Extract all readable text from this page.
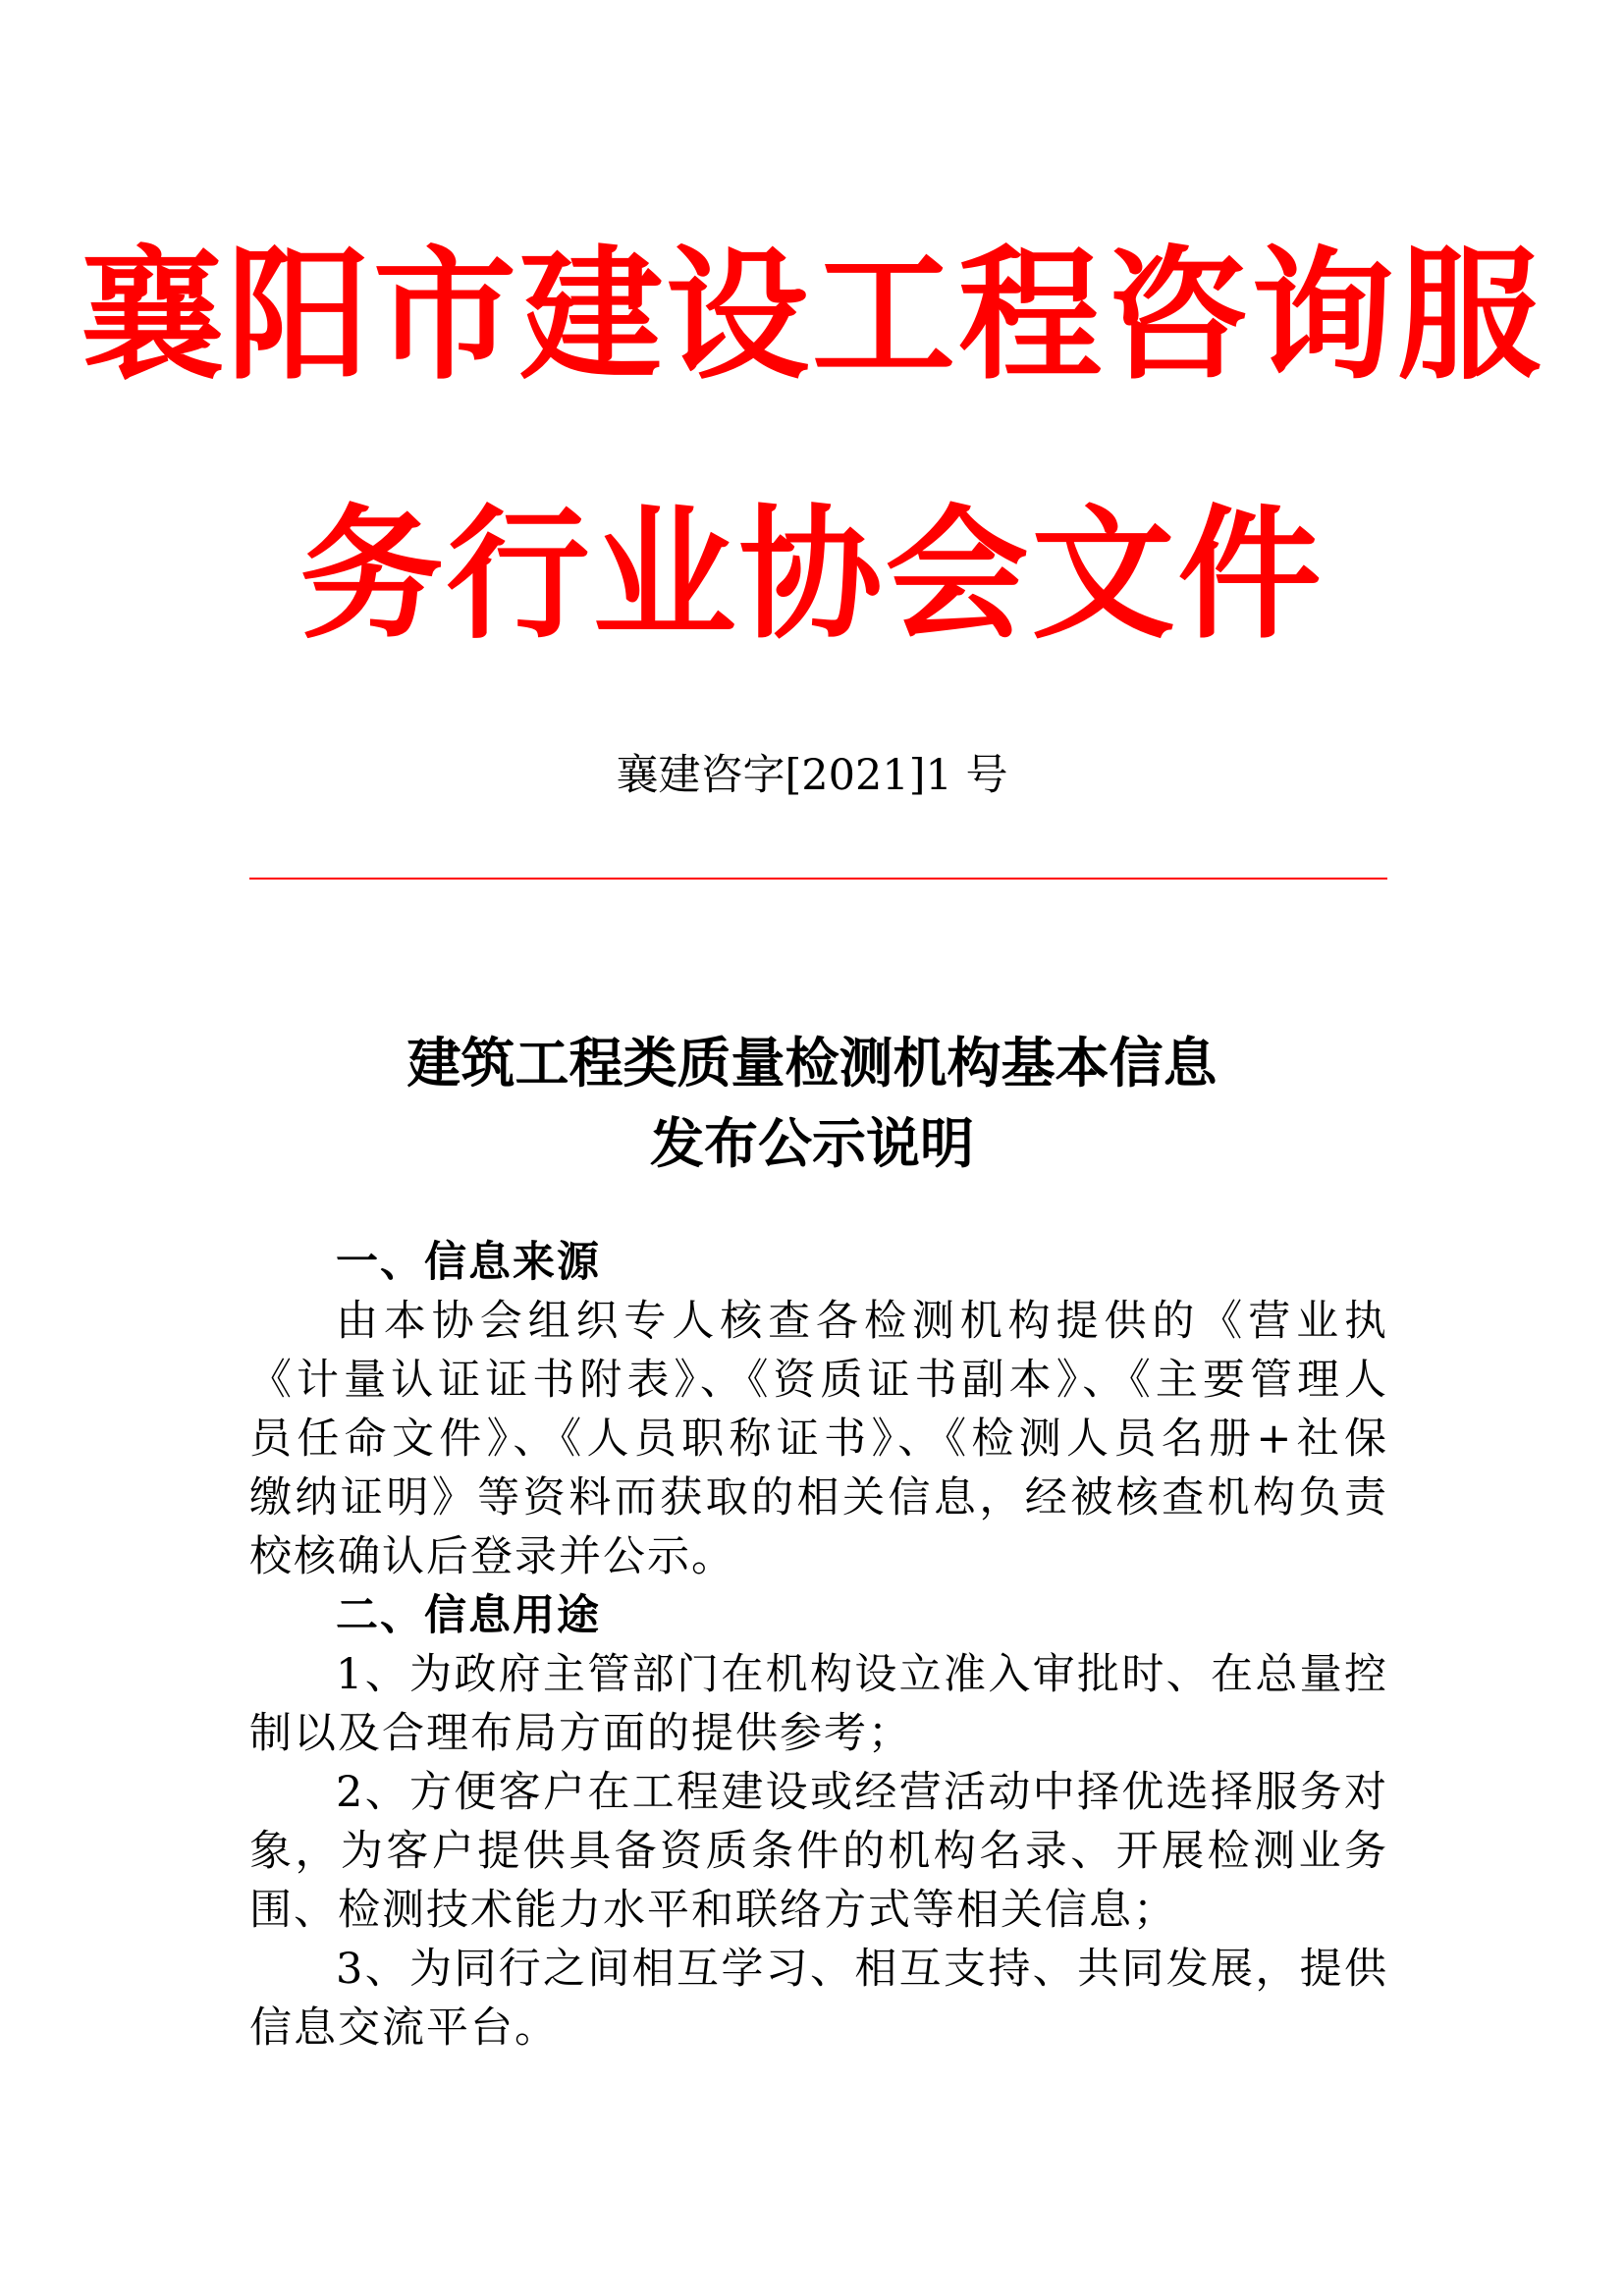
襄阳市建设工程咨询服
务行业协会文件
襄建咨字[2021]1 号
建筑工程类质量检测机构基本信息
发布公示说明
一、信息来源
由本协会组织专人核查各检测机构提供的《营业执
《计量认证证书附表》、《资质证书副本》、《主要管理人
员任命文件》、《人员职称证书》、《检测人员名册+社保
缴纳证明》等资料而获取的相关信息，经被核查机构负责
校核确认后登录并公示。
二、信息用途
1、为政府主管部门在机构设立准入审批时、在总量控
制以及合理布局方面的提供参考；
2、方便客户在工程建设或经营活动中择优选择服务对
象，为客户提供具备资质条件的机构名录、开展检测业务
围、检测技术能力水平和联络方式等相关信息；
3、为同行之间相互学习、相互支持、共同发展，提供
信息交流平台。
